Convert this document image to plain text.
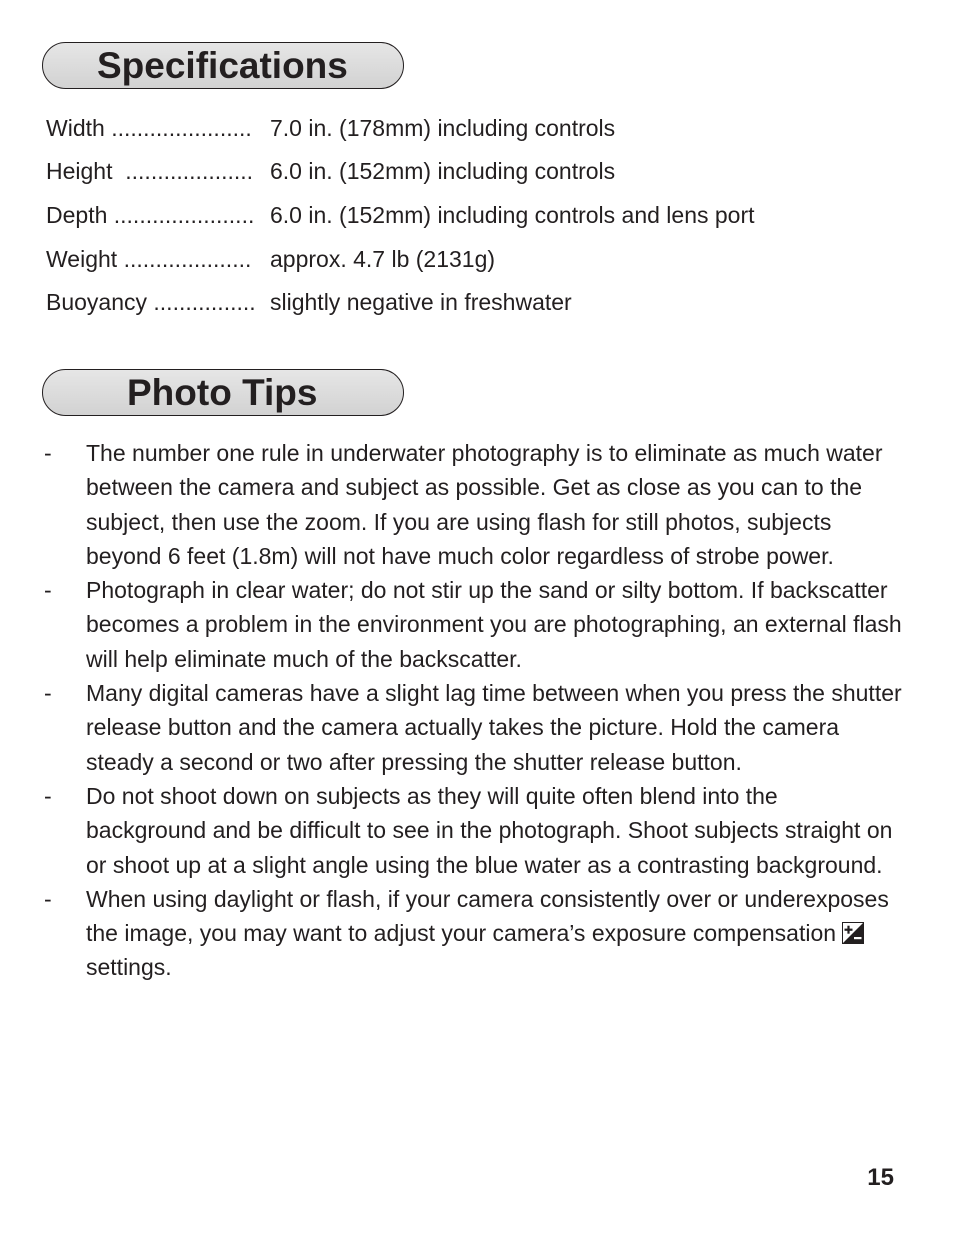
Specifications
Width ...................... 7.0 in. (178mm) including controls
Height .................... 6.0 in. (152mm) including controls
Depth ...................... 6.0 in. (152mm) including controls and lens port
Weight .................... approx. 4.7 lb (2131g)
Buoyancy ................ slightly negative in freshwater
Photo Tips
- The number one rule in underwater photography is to eliminate as much water between the camera and subject as possible. Get as close as you can to the subject, then use the zoom. If you are using flash for still photos, subjects beyond 6 feet (1.8m) will not have much color regardless of strobe power.
- Photograph in clear water; do not stir up the sand or silty bottom. If backscatter becomes a problem in the environment you are photographing, an external flash will help eliminate much of the backscatter.
- Many digital cameras have a slight lag time between when you press the shutter release button and the camera actually takes the picture. Hold the camera steady a second or two after pressing the shutter release button.
- Do not shoot down on subjects as they will quite often blend into the background and be difficult to see in the photograph. Shoot subjects straight on or shoot up at a slight angle using the blue water as a contrasting background.
- When using daylight or flash, if your camera consistently over or underexposes the image, you may want to adjust your camera’s exposure compensationsettings.
15
